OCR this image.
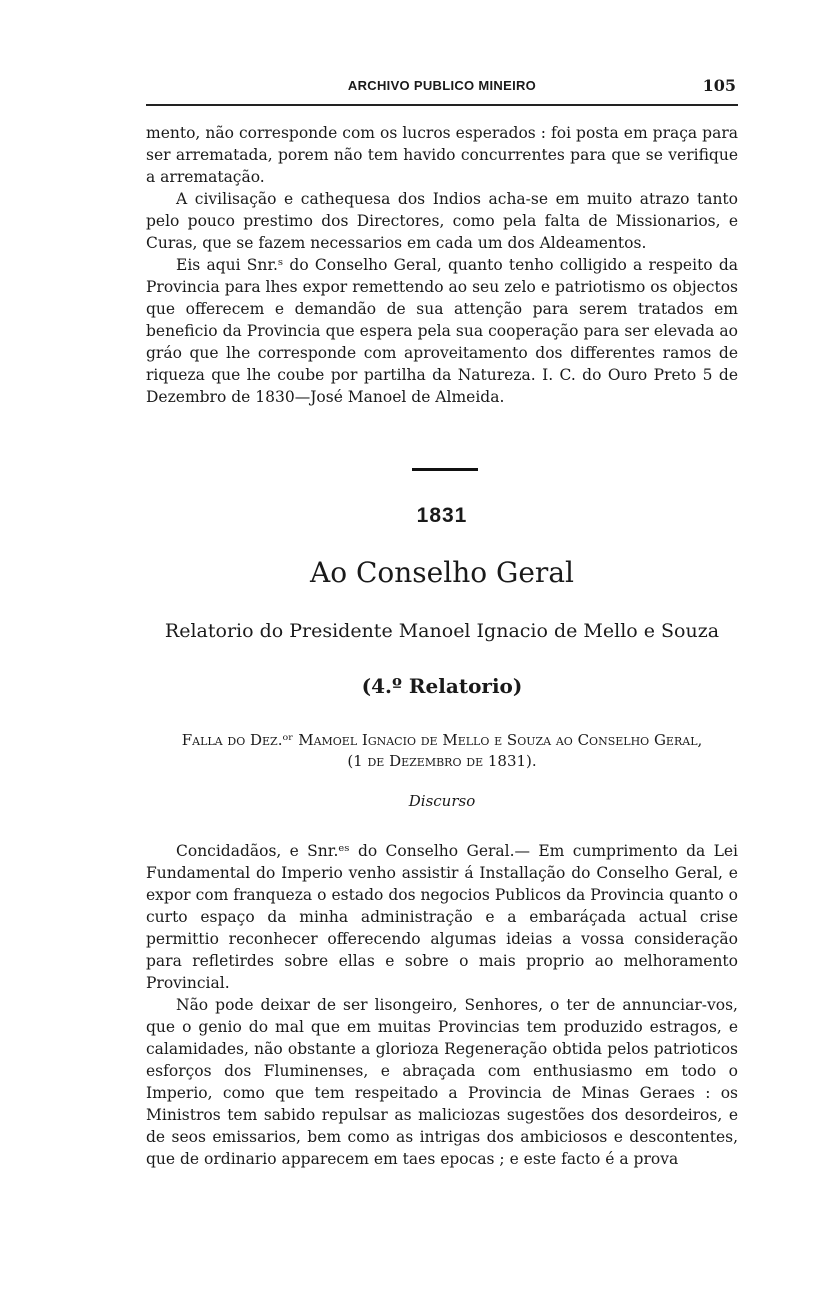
ARCHIVO PUBLICO MINEIRO	105

mento, não corresponde com os lucros esperados : foi posta em praça para ser arrematada, porem não tem havido concurrentes para que se verifique a arrematação.

A civilisação e cathequesa dos Indios acha-se em muito atrazo tanto pelo pouco prestimo dos Directores, como pela falta de Missionarios, e Curas, que se fazem necessarios em cada um dos Aldeamentos.

Eis aqui Snr.ˢ do Conselho Geral, quanto tenho colligido a respeito da Provincia para lhes expor remettendo ao seu zelo e patriotismo os objectos que offerecem e demandão de sua attenção para serem tratados em beneficio da Provincia que espera pela sua cooperação para ser elevada ao gráo que lhe corresponde com aproveitamento dos differentes ramos de riqueza que lhe coube por partilha da Natureza. I. C. do Ouro Preto 5 de Dezembro de 1830—José Manoel de Almeida.

1831
Ao Conselho Geral
Relatorio do Presidente Manoel Ignacio de Mello e Souza
(4.º Relatorio)
Falla do Dez.ᵒʳ Mamoel Ignacio de Mello e Souza ao Conselho Geral,
(1 de Dezembro de 1831).
Discurso

Concidadãos, e Snr.ᵉˢ do Conselho Geral.— Em cumprimento da Lei Fundamental do Imperio venho assistir á Installação do Conselho Geral, e expor com franqueza o estado dos negocios Publicos da Provincia quanto o curto espaço da minha administração e a embaráçada actual crise permittio reconhecer offerecendo algumas ideias a vossa consideração para refletirdes sobre ellas e sobre o mais proprio ao melhoramento Provincial.

Não pode deixar de ser lisongeiro, Senhores, o ter de annunciar-vos, que o genio do mal que em muitas Provincias tem produzido estragos, e calamidades, não obstante a glorioza Regeneração obtida pelos patrioticos esforços dos Fluminenses, e abraçada com enthusiasmo em todo o Imperio, como que tem respeitado a Provincia de Minas Geraes : os Ministros tem sabido repulsar as maliciozas sugestões dos desordeiros, e de seos emissarios, bem como as intrigas dos ambiciosos e descontentes, que de ordinario apparecem em taes epocas ; e este facto é a prova
